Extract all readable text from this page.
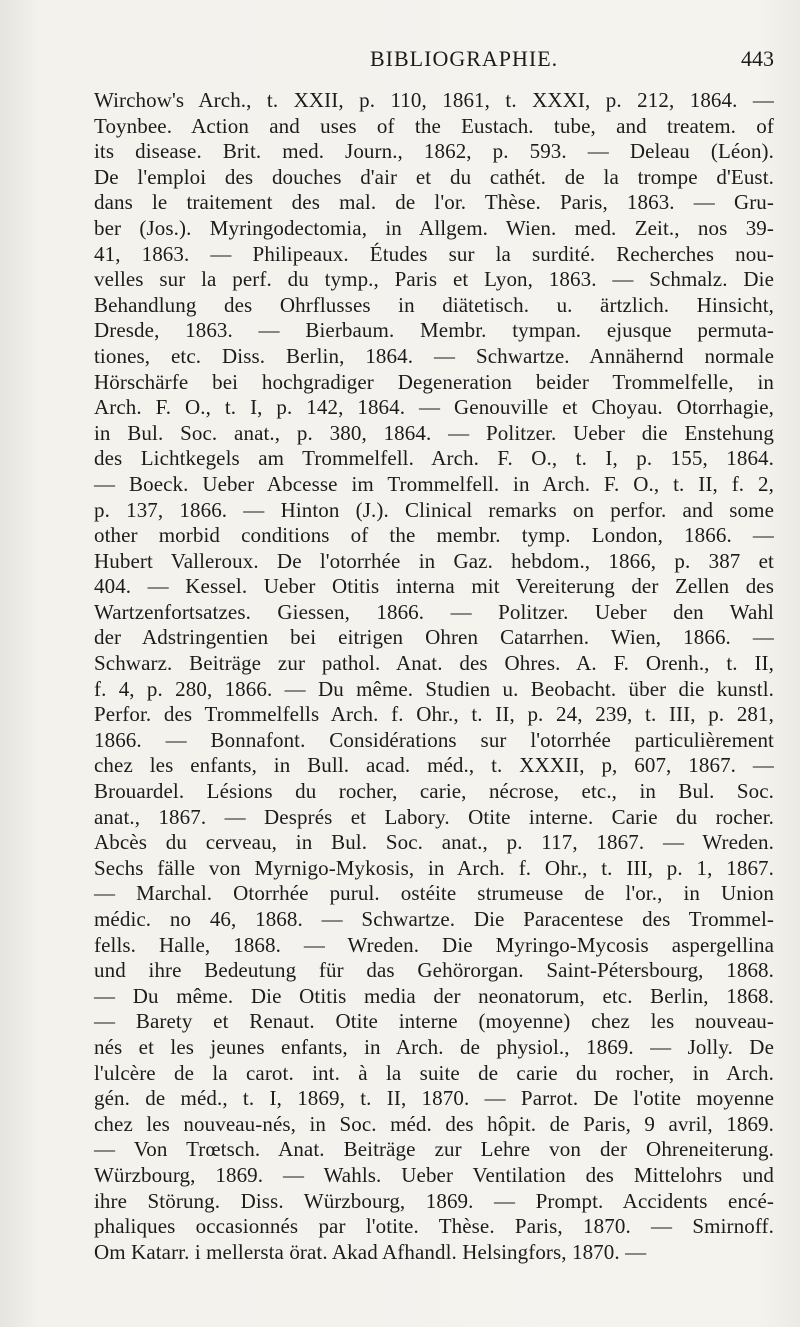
BIBLIOGRAPHIE.	443
Wirchow's Arch., t. XXII, p. 110, 1861, t. XXXI, p. 212, 1864. —
Toynbee. Action and uses of the Eustach. tube, and treatem. of
its disease. Brit. med. Journ., 1862, p. 593. — Deleau (Léon).
De l'emploi des douches d'air et du cathét. de la trompe d'Eust.
dans le traitement des mal. de l'or. Thèse. Paris, 1863. — Gru-
ber (Jos.). Myringodectomia, in Allgem. Wien. med. Zeit., nos 39-
41, 1863. — Philipeaux. Études sur la surdité. Recherches nou-
velles sur la perf. du tymp., Paris et Lyon, 1863. — Schmalz. Die
Behandlung des Ohrflusses in diätetisch. u. ärtzlich. Hinsicht,
Dresde, 1863. — Bierbaum. Membr. tympan. ejusque permuta-
tiones, etc. Diss. Berlin, 1864. — Schwartze. Annähernd normale
Hörschärfe bei hochgradiger Degeneration beider Trommelfelle, in
Arch. F. O., t. I, p. 142, 1864. — Genouville et Choyau. Otorrhagie,
in Bul. Soc. anat., p. 380, 1864. — Politzer. Ueber die Enstehung
des Lichtkegels am Trommelfell. Arch. F. O., t. I, p. 155, 1864.
— Boeck. Ueber Abcesse im Trommelfell. in Arch. F. O., t. II, f. 2,
p. 137, 1866. — Hinton (J.). Clinical remarks on perfor. and some
other morbid conditions of the membr. tymp. London, 1866. —
Hubert Valleroux. De l'otorrhée in Gaz. hebdom., 1866, p. 387 et
404. — Kessel. Ueber Otitis interna mit Vereiterung der Zellen des
Wartzenfortsatzes. Giessen, 1866. — Politzer. Ueber den Wahl
der Adstringentien bei eitrigen Ohren Catarrhen. Wien, 1866. —
Schwarz. Beiträge zur pathol. Anat. des Ohres. A. F. Orenh., t. II,
f. 4, p. 280, 1866. — Du même. Studien u. Beobacht. über die kunstl.
Perfor. des Trommelfells Arch. f. Ohr., t. II, p. 24, 239, t. III, p. 281,
1866. — Bonnafont. Considérations sur l'otorrhée particulièrement
chez les enfants, in Bull. acad. méd., t. XXXII, p, 607, 1867. —
Brouardel. Lésions du rocher, carie, nécrose, etc., in Bul. Soc.
anat., 1867. — Després et Labory. Otite interne. Carie du rocher.
Abcès du cerveau, in Bul. Soc. anat., p. 117, 1867. — Wreden.
Sechs fälle von Myrnigo-Mykosis, in Arch. f. Ohr., t. III, p. 1, 1867.
— Marchal. Otorrhée purul. ostéite strumeuse de l'or., in Union
médic. no 46, 1868. — Schwartze. Die Paracentese des Trommel-
fells. Halle, 1868. — Wreden. Die Myringo-Mycosis aspergellina
und ihre Bedeutung für das Gehörorgan. Saint-Pétersbourg, 1868.
— Du même. Die Otitis media der neonatorum, etc. Berlin, 1868.
— Barety et Renaut. Otite interne (moyenne) chez les nouveau-
nés et les jeunes enfants, in Arch. de physiol., 1869. — Jolly. De
l'ulcère de la carot. int. à la suite de carie du rocher, in Arch.
gén. de méd., t. I, 1869, t. II, 1870. — Parrot. De l'otite moyenne
chez les nouveau-nés, in Soc. méd. des hôpit. de Paris, 9 avril, 1869.
— Von Trœtsch. Anat. Beiträge zur Lehre von der Ohreneiterung.
Würzbourg, 1869. — Wahls. Ueber Ventilation des Mittelohrs und
ihre Störung. Diss. Würzbourg, 1869. — Prompt. Accidents encé-
phaliques occasionnés par l'otite. Thèse. Paris, 1870. — Smirnoff.
Om Katarr. i mellersta örat. Akad Afhandl. Helsingfors, 1870. —
